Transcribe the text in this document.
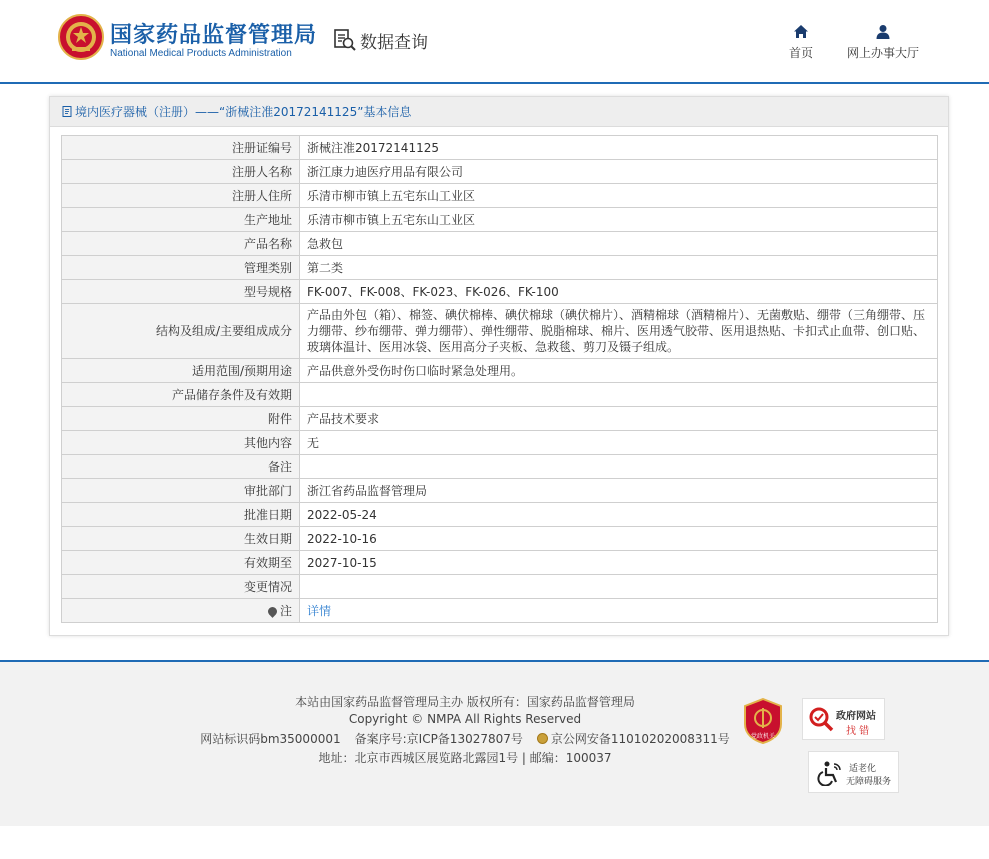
国家药品监督管理局
National Medical Products Administration
数据查询
首页	网上办事大厅
境内医疗器械（注册）——“浙械注准20172141125”基本信息
注册证编号	浙械注准20172141125
注册人名称	浙江康力迪医疗用品有限公司
注册人住所	乐清市柳市镇上五宅东山工业区
生产地址	乐清市柳市镇上五宅东山工业区
产品名称	急救包
管理类别	第二类
型号规格	FK-007、FK-008、FK-023、FK-026、FK-100
结构及组成/主要组成成分	产品由外包（箱）、棉签、碘伏棉棒、碘伏棉球（碘伏棉片）、酒精棉球（酒精棉片）、无菌敷贴、绷带（三角绷带、压力绷带、纱布绷带、弹力绷带）、弹性绷带、脱脂棉球、棉片、医用透气胶带、医用退热贴、卡扣式止血带、创口贴、玻璃体温计、医用冰袋、医用高分子夹板、急救毯、剪刀及镊子组成。
适用范围/预期用途	产品供意外受伤时伤口临时紧急处理用。
产品储存条件及有效期	
附件	产品技术要求
其他内容	无
备注	
审批部门	浙江省药品监督管理局
批准日期	2022-05-24
生效日期	2022-10-16
有效期至	2027-10-15
变更情况	
注	详情
本站由国家药品监督管理局主办 版权所有：国家药品监督管理局
Copyright © NMPA All Rights Reserved
网站标识码bm35000001 备案序号:京ICP备13027807号 京公网安备11010202008311号
地址：北京市西城区展览路北露园1号 | 邮编：100037
党政机关
政府网站
找 错
适老化
无障碍服务
